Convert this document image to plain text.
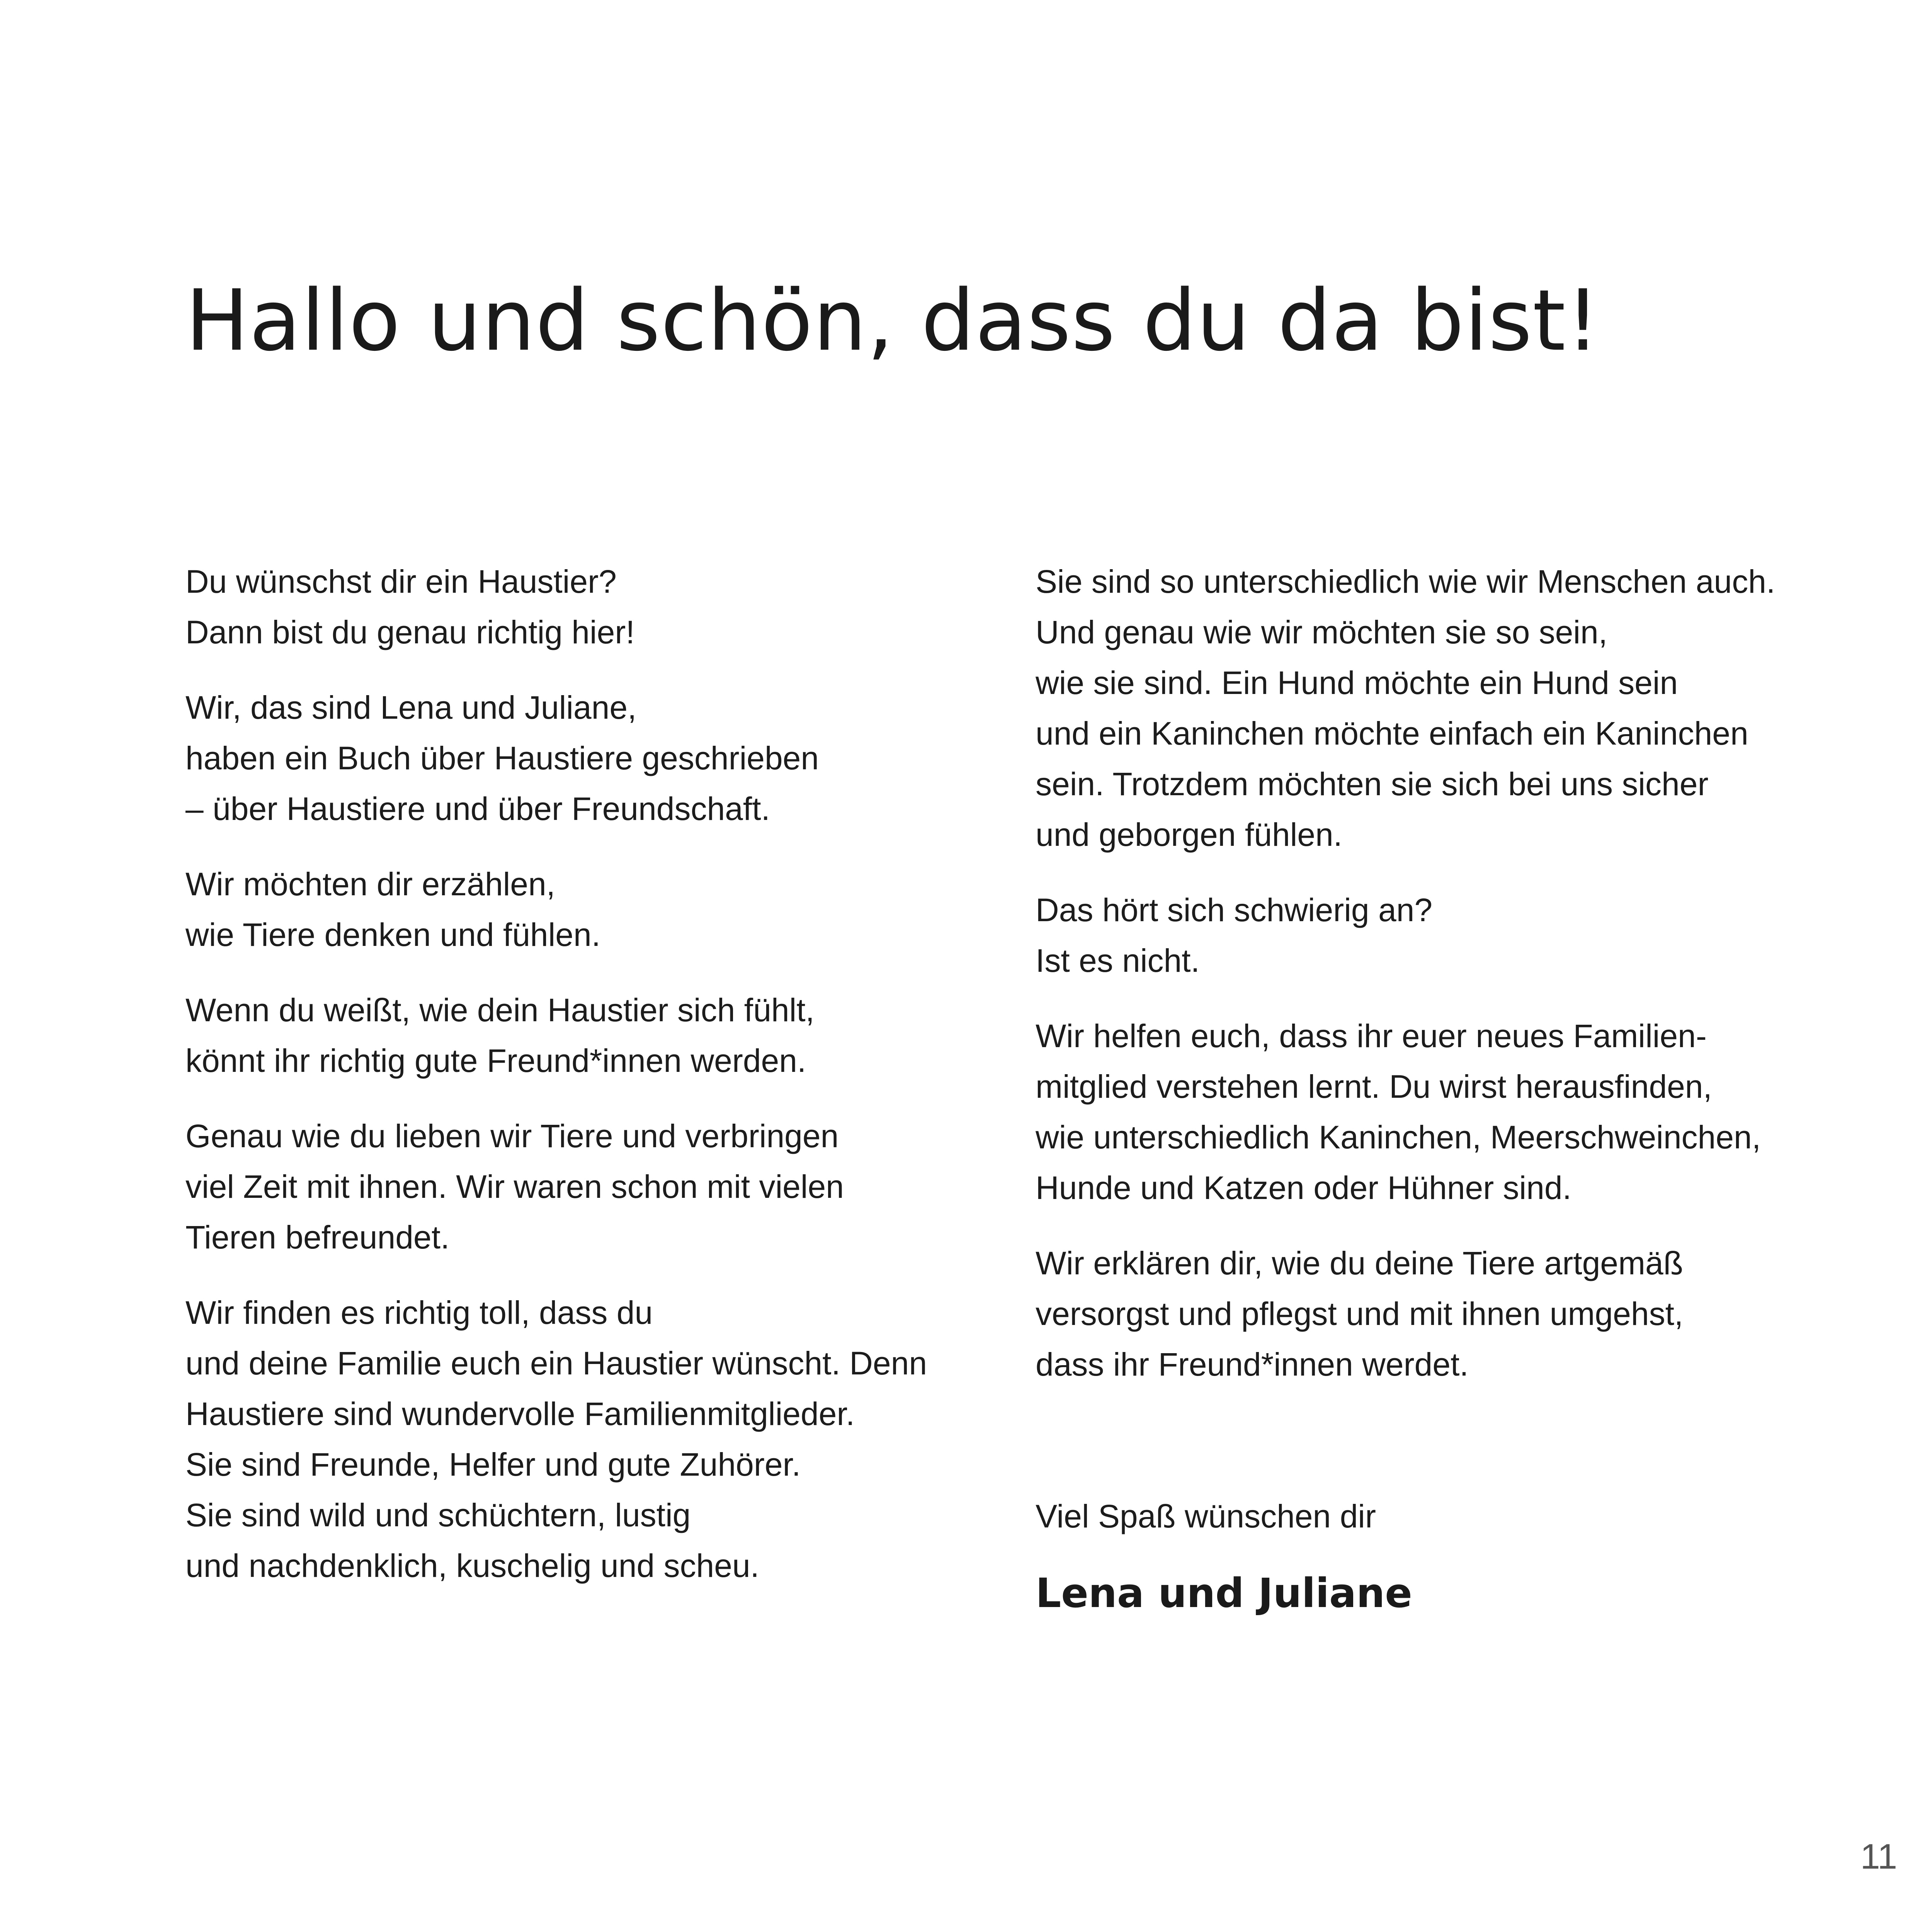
Hallo und schön, dass du da bist!

Du wünschst dir ein Haustier?
Dann bist du genau richtig hier!

Wir, das sind Lena und Juliane,
haben ein Buch über Haustiere geschrieben
– über Haustiere und über Freundschaft.

Wir möchten dir erzählen,
wie Tiere denken und fühlen.

Wenn du weißt, wie dein Haustier sich fühlt,
könnt ihr richtig gute Freund*innen werden.

Genau wie du lieben wir Tiere und verbringen
viel Zeit mit ihnen. Wir waren schon mit vielen
Tieren befreundet.

Wir finden es richtig toll, dass du
und deine Familie euch ein Haustier wünscht. Denn
Haustiere sind wundervolle Familienmitglieder.
Sie sind Freunde, Helfer und gute Zuhörer.
Sie sind wild und schüchtern, lustig
und nachdenklich, kuschelig und scheu.

Sie sind so unterschiedlich wie wir Menschen auch.
Und genau wie wir möchten sie so sein,
wie sie sind. Ein Hund möchte ein Hund sein
und ein Kaninchen möchte einfach ein Kaninchen
sein. Trotzdem möchten sie sich bei uns sicher
und geborgen fühlen.

Das hört sich schwierig an?
Ist es nicht.

Wir helfen euch, dass ihr euer neues Familien-
mitglied verstehen lernt. Du wirst herausfinden,
wie unterschiedlich Kaninchen, Meerschweinchen,
Hunde und Katzen oder Hühner sind.

Wir erklären dir, wie du deine Tiere artgemäß
versorgst und pflegst und mit ihnen umgehst,
dass ihr Freund*innen werdet.

Viel Spaß wünschen dir

Lena und Juliane
11
